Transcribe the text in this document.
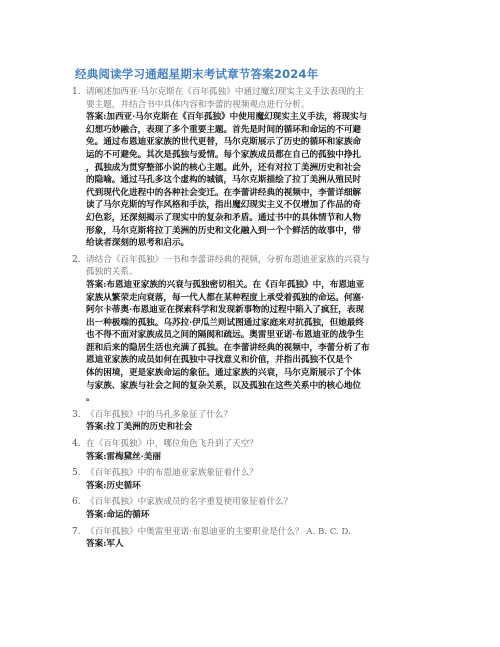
经典阅读学习通超星期末考试章节答案2024年
1. 请阐述加西亚·马尔克斯在《百年孤独》中通过魔幻现实主义手法表现的主
要主题，并结合书中具体内容和李蕾的视频观点进行分析。
答案:加西亚·马尔克斯在《百年孤独》中使用魔幻现实主义手法，将现实与
幻想巧妙融合，表现了多个重要主题。首先是时间的循环和命运的不可避
免。通过布恩迪亚家族的世代更替，马尔克斯展示了历史的循环和家族命
运的不可避免。其次是孤独与爱情。每个家族成员都在自己的孤独中挣扎
，孤独成为贯穿整部小说的核心主题。此外，还有对拉丁美洲历史和社会
的隐喻。通过马孔多这个虚构的城镇，马尔克斯描绘了拉丁美洲从殖民时
代到现代化进程中的各种社会变迁。在李蕾讲经典的视频中，李蕾详细解
读了马尔克斯的写作风格和手法，指出魔幻现实主义不仅增加了作品的奇
幻色彩，还深刻揭示了现实中的复杂和矛盾。通过书中的具体情节和人物
形象，马尔克斯将拉丁美洲的历史和文化融入到一个个鲜活的故事中，带
给读者深刻的思考和启示。
2. 请结合《百年孤独》一书和李蕾讲经典的视频，分析布恩迪亚家族的兴衰与
孤独的关系。
答案:布恩迪亚家族的兴衰与孤独密切相关。在《百年孤独》中，布恩迪亚
家族从繁荣走向衰落，每一代人都在某种程度上承受着孤独的命运。何塞·
阿尔卡蒂奥·布恩迪亚在探索科学和发现新事物的过程中陷入了疯狂，表现
出一种极端的孤独。乌苏拉·伊瓜兰则试图通过家庭来对抗孤独，但她最终
也不得不面对家族成员之间的隔阂和疏远。奥雷里亚诺·布恩迪亚的战争生
涯和后来的隐居生活也充满了孤独。在李蕾讲经典的视频中，李蕾分析了布
恩迪亚家族的成员如何在孤独中寻找意义和价值，并指出孤独不仅是个
体的困境，更是家族命运的象征。通过家族的兴衰，马尔克斯展示了个体
与家族、家族与社会之间的复杂关系，以及孤独在这些关系中的核心地位
。
3. 《百年孤独》中的马孔多象征了什么？
答案:拉丁美洲的历史和社会
4. 在《百年孤独》中，哪位角色飞升到了天空？
答案:雷梅黛丝·美丽
5. 《百年孤独》中的布恩迪亚家族象征着什么？
答案:历史循环
6. 《百年孤独》中家族成员的名字重复使用象征着什么？
答案:命运的循环
7. 《百年孤独》中奥雷里亚诺·布恩迪亚的主要职业是什么？ A. B. C. D.
答案:军人
